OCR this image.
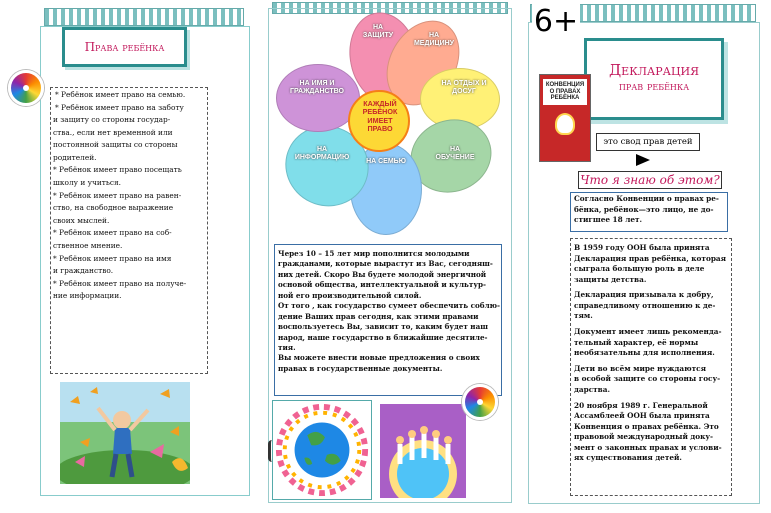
Права ребёнка
* Ребёнок имеет право на семью.
* Ребёнок имеет право на заботу
и защиту со стороны государ-
ства., если нет временной или
постоянной защиты со стороны
родителей.
* Ребёнок имеет право посещать
школу и учиться.
* Ребёнок имеет право на равен-
ство, на свободное выражение
своих мыслей.
* Ребёнок имеет право на соб-
ственное мнение.
* Ребёнок имеет право на имя
и гражданство.
* Ребёнок имеет право на получе-
ние информации.
КАЖДЫЙ РЕБЁНОК ИМЕЕТ ПРАВО
НА ЗАЩИТУ	НА МЕДИЦИНУ
НА ОТДЫХ И ДОСУГ
НА ОБУЧЕНИЕ
НА СЕМЬЮ
НА ИНФОРМАЦИЮ
НА ИМЯ И ГРАЖДАНСТВО
Через 10 – 15 лет мир пополнится молодыми
гражданами, которые вырастут из Вас, сегодняш-
них детей. Скоро Вы будете молодой энергичной
основой общества, интеллектуальной и культур-
ной его производительной силой.
От того , как государство сумеет обеспечить соблю-
дение Ваших прав сегодня, как этими правами
воспользуетесь Вы, зависит то, каким будет наш
народ, наше государство в ближайшие десятиле-
тия.
Вы можете внести новые предложения о своих
правах в государственные документы.
6+
Декларация
прав ребёнка
КОНВЕНЦИЯ О ПРАВАХ РЕБЁНКА
это свод прав детей
Что я знаю об этом?
Согласно Конвенции о правах ре-
бёнка, ребёнок—это лицо, не до-
стигшее 18 лет.
В 1959 году ООН была принята
Декларация прав ребёнка, которая
сыграла большую роль в деле
защиты детства.
Декларация призывала к добру,
справедливому отношению к де-
тям.
Документ имеет лишь рекоменда-
тельный характер, её нормы
необязательны для исполнения.
Дети во всём мире нуждаются
в особой защите со стороны госу-
дарства.
20 ноября 1989 г. Генеральной
Ассамблеей ООН была принята
Конвенция о правах ребёнка. Это
правовой международный доку-
мент о законных правах и услови-
ях существования детей.
